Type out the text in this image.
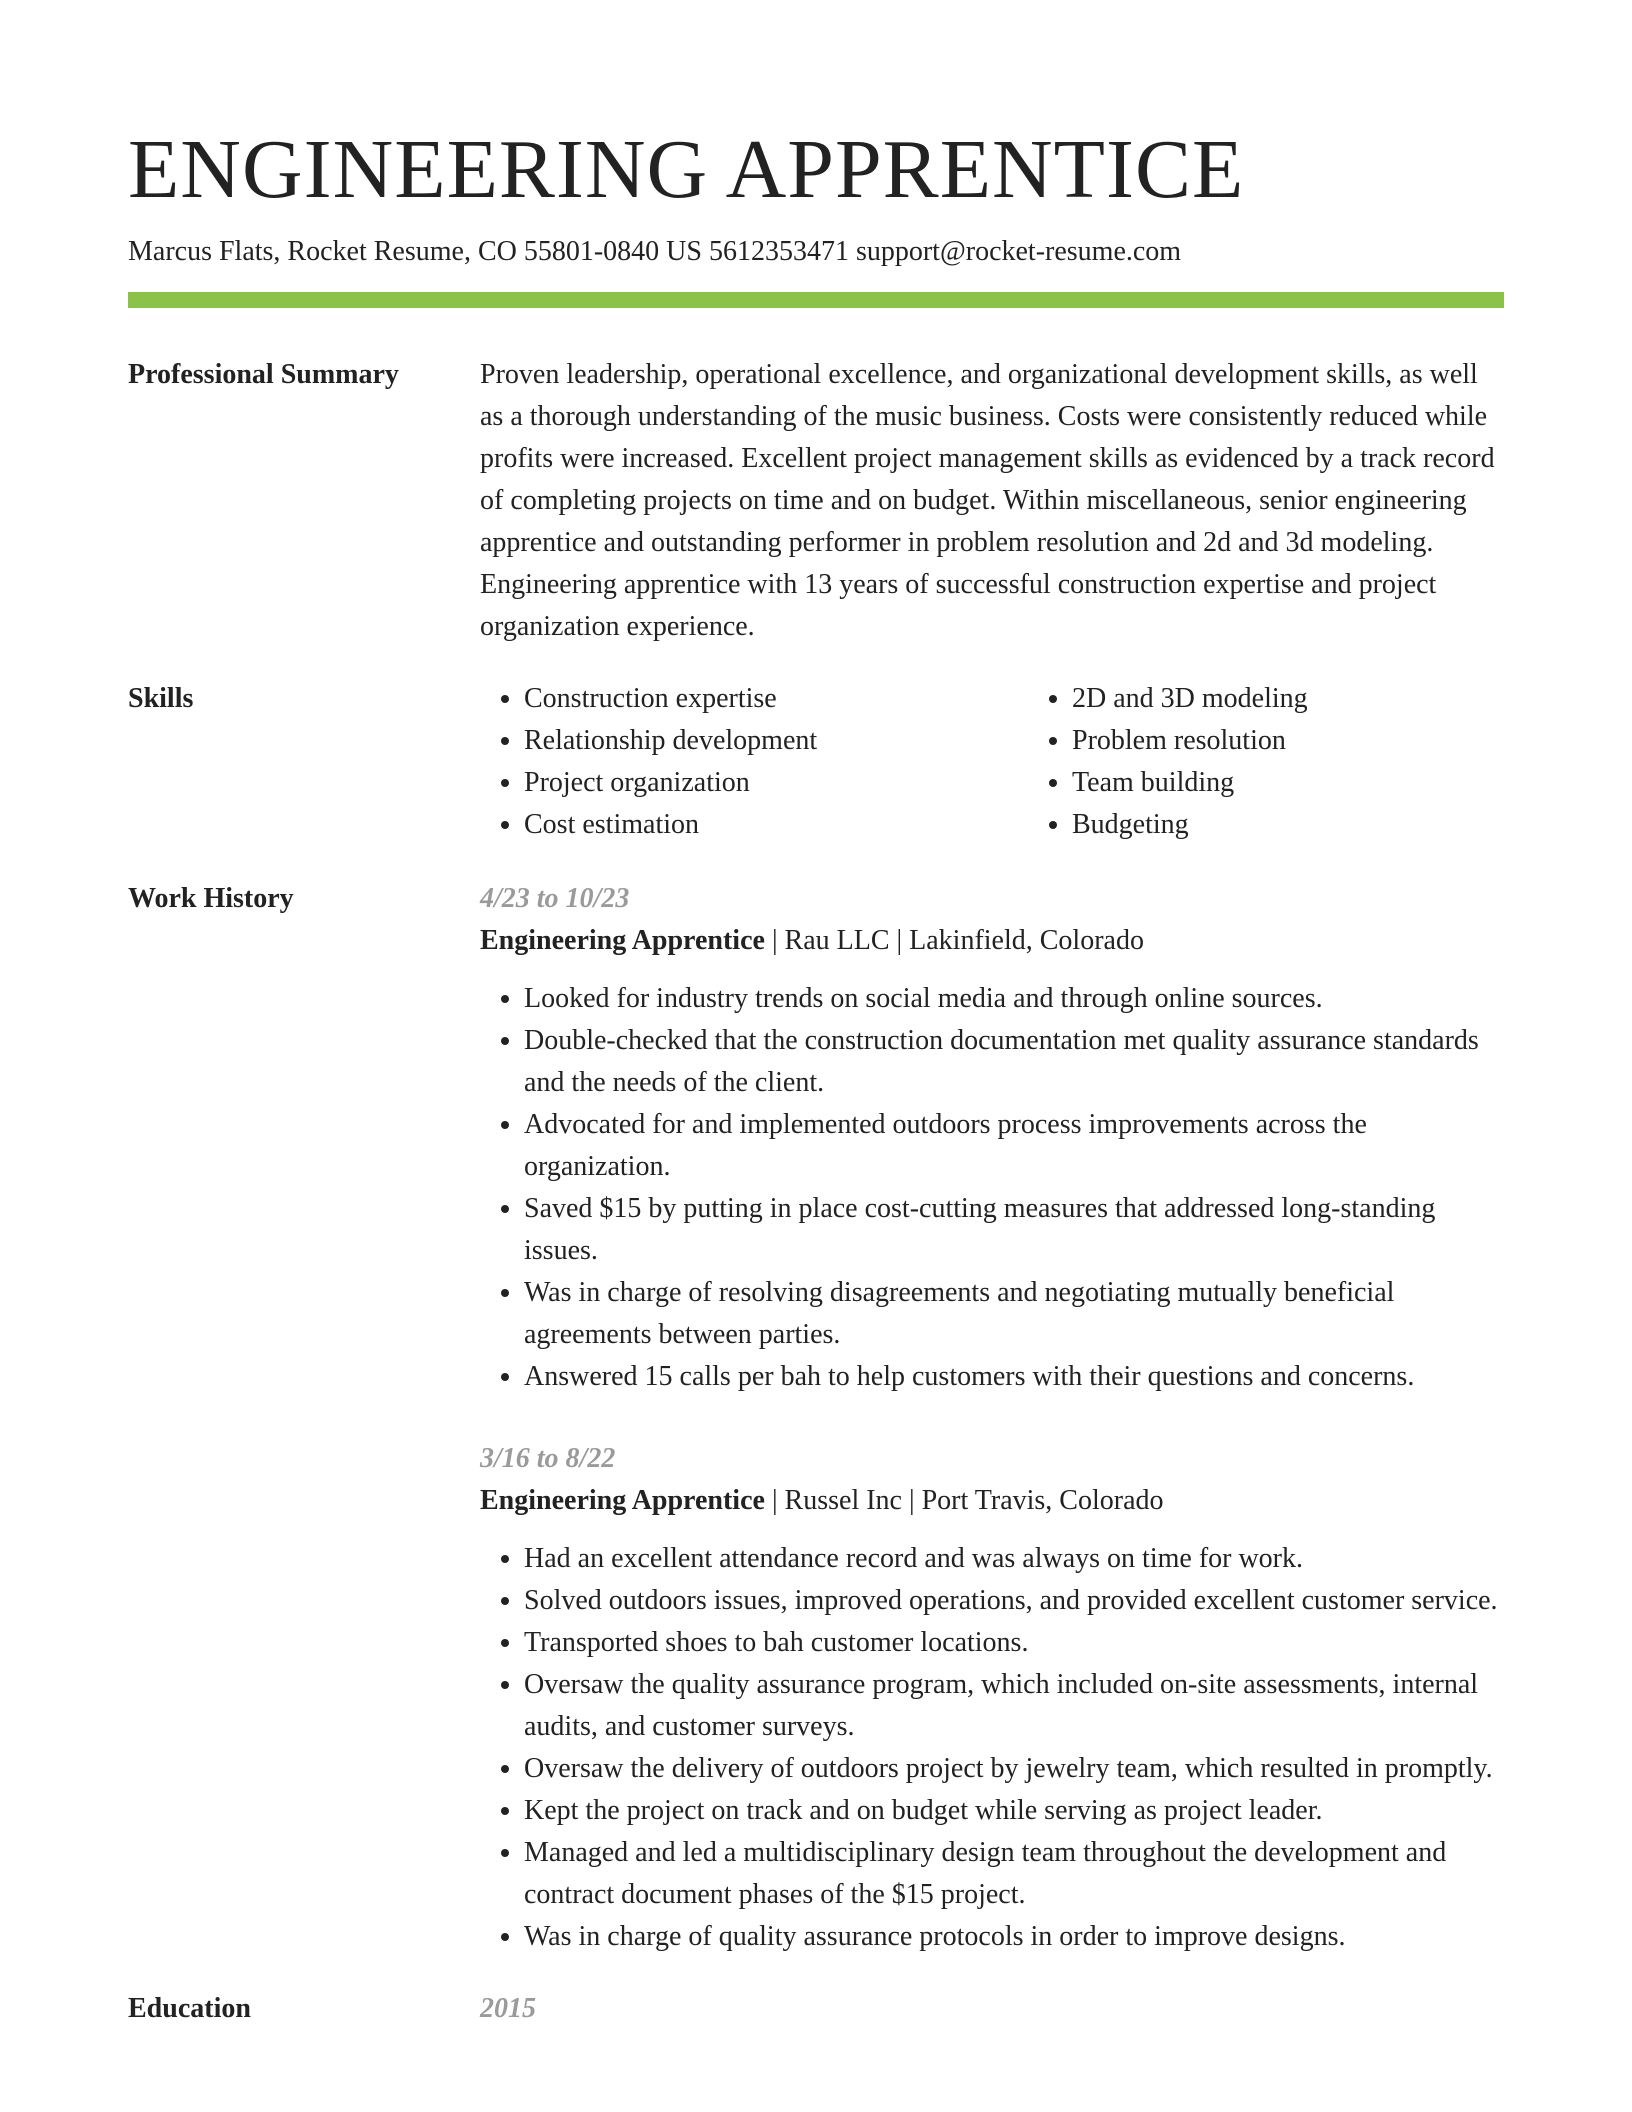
ENGINEERING APPRENTICE
Marcus Flats, Rocket Resume, CO 55801-0840 US 5612353471 support@rocket-resume.com
Professional Summary	Proven leadership, operational excellence, and organizational development skills, as well as a thorough understanding of the music business. Costs were consistently reduced while profits were increased. Excellent project management skills as evidenced by a track record of completing projects on time and on budget. Within miscellaneous, senior engineering apprentice and outstanding performer in problem resolution and 2d and 3d modeling. Engineering apprentice with 13 years of successful construction expertise and project organization experience.

Skills
•	Construction expertise
• Relationship development
• Project organization
• Cost estimation
• 2D and 3D modeling
• Problem resolution
• Team building
• Budgeting
Work History	4/23 to 10/23
Engineering Apprentice | Rau LLC | Lakinfield, Colorado
• Looked for industry trends on social media and through online sources.
• Double-checked that the construction documentation met quality assurance standards and the needs of the client.
• Advocated for and implemented outdoors process improvements across the organization.
• Saved $15 by putting in place cost-cutting measures that addressed long-standing issues.
• Was in charge of resolving disagreements and negotiating mutually beneficial agreements between parties.
• Answered 15 calls per bah to help customers with their questions and concerns.
3/16 to 8/22
Engineering Apprentice | Russel Inc | Port Travis, Colorado
• Had an excellent attendance record and was always on time for work.
• Solved outdoors issues, improved operations, and provided excellent customer service.
• Transported shoes to bah customer locations.
• Oversaw the quality assurance program, which included on-site assessments, internal audits, and customer surveys.
• Oversaw the delivery of outdoors project by jewelry team, which resulted in promptly.
• Kept the project on track and on budget while serving as project leader.
• Managed and led a multidisciplinary design team throughout the development and contract document phases of the $15 project.
• Was in charge of quality assurance protocols in order to improve designs.
Education	2015
